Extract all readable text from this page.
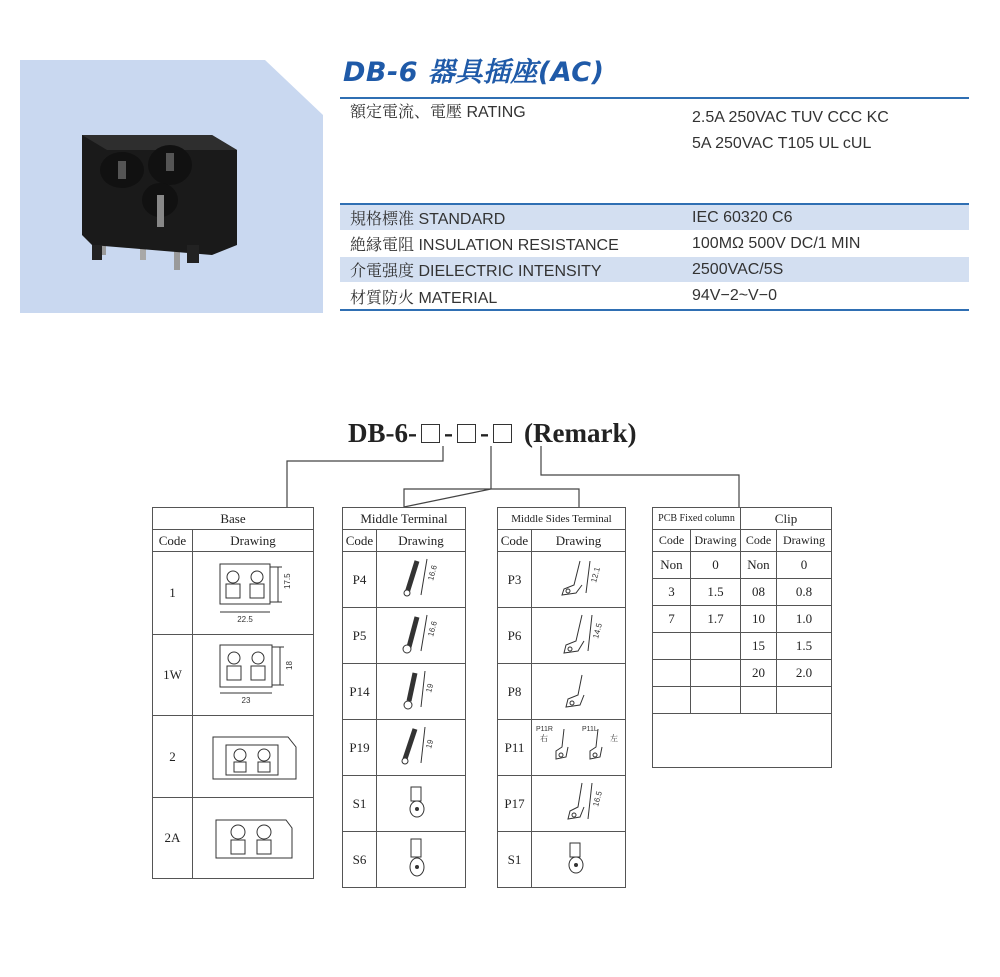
DB-6 器具插座(AC)
額定電流、電壓 RATING	2.5A 250VAC TUV CCC KC
5A 250VAC T105 UL cUL
規格標准 STANDARD	IEC 60320 C6
絶縁電阻 INSULATION RESISTANCE	100MΩ 500V DC/1 MIN
介電强度 DIELECTRIC INTENSITY	2500VAC/5S
材質防火 MATERIAL	94V−2~V−0
DB-6- - - (Remark)
Base	
Code	Drawing
1	22.5
17.5

1W	23
18

2	
2A	
Middle Terminal	
Code	Drawing
P4	16.6

P5	16.6

P14	19

P19	19

S1	
S6	
Middle Sides Terminal	
Code	Drawing
P3	12.1

P6	14.5

P8	
P11	P11R
右
P11L
左

P17	16.5

S1	
PCB Fixed column		Clip	
Code	Drawing	Code	Drawing
Non	0	Non	0
3	1.5	08	0.8
7	1.7	10	1.0
		15	1.5
		20	2.0
